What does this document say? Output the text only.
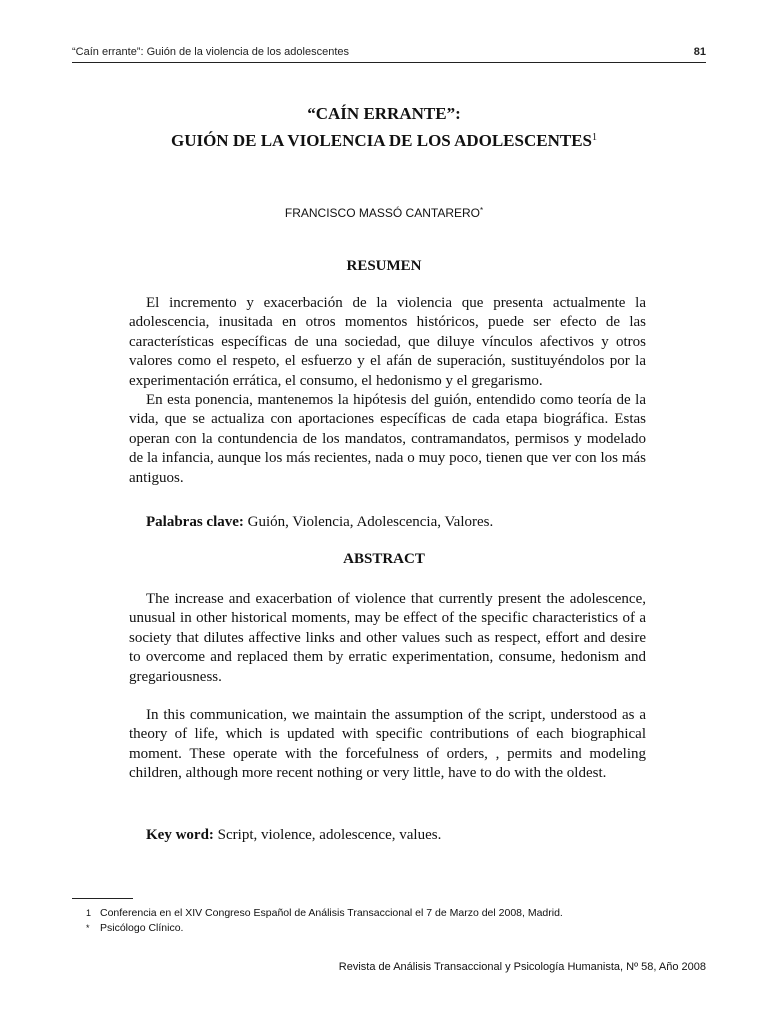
“Caín errante”: Guión de la violencia de los adolescentes	81
“CAÍN ERRANTE”:
GUIÓN DE LA VIOLENCIA DE LOS ADOLESCENTES$^1$
FRANCISCO MASSÓ CANTARERO*
RESUMEN

El incremento y exacerbación de la violencia que presenta actualmente la adolescencia, inusitada en otros momentos históricos, puede ser efecto de las características específicas de una sociedad, que diluye vínculos afectivos y otros valores como el respeto, el esfuerzo y el afán de superación, sustituyéndolos por la experimentación errática, el consumo, el hedonismo y el gregarismo.

En esta ponencia, mantenemos la hipótesis del guión, entendido como teoría de la vida, que se actualiza con aportaciones específicas de cada etapa biográfica. Estas operan con la contundencia de los mandatos, contramandatos, permisos y modelado de la infancia, aunque los más recientes, nada o muy poco, tienen que ver con los más antiguos.

Palabras clave: Guión, Violencia, Adolescencia, Valores.
ABSTRACT

The increase and exacerbation of violence that currently present the adolescence, unusual in other historical moments, may be effect of the specific characteristics of a society that dilutes affective links and other values such as respect, effort and desire to overcome and replaced them by erratic experimentation, consume, hedonism and gregariousness.

In this communication, we maintain the assumption of the script, understood as a theory of life, which is updated with specific contributions of each biographical moment. These operate with the forcefulness of orders, , permits and modeling children, although more recent nothing or very little, have to do with the oldest.

Key word: Script, violence, adolescence, values.
1 Conferencia en el XIV Congreso Español de Análisis Transaccional el 7 de Marzo del 2008, Madrid.
* Psicólogo Clínico.
Revista de Análisis Transaccional y Psicología Humanista, Nº 58, Año 2008
